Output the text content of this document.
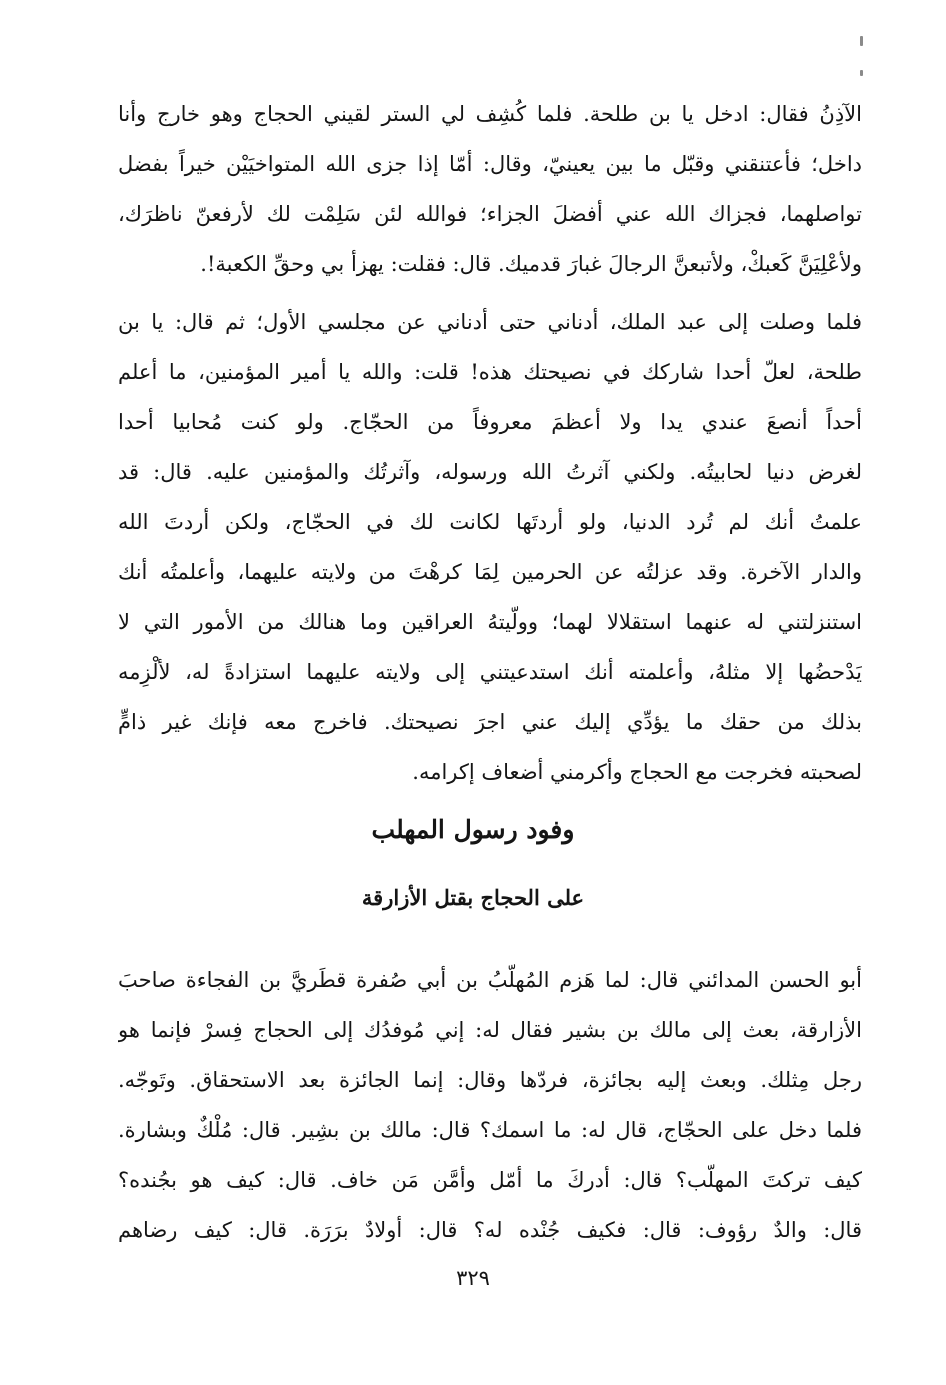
الآذِنُ فقال: ادخل يا بن طلحة. فلما كُشِف لي الستر لقيني الحجاج وهو خارج وأنا
داخل؛ فأعتنقني وقبّل ما بين يعينيّ، وقال: أمّا إذا جزى الله المتواخيَيْن خيراً بفضل
تواصلهما، فجزاك الله عني أفضلَ الجزاء؛ فوالله لئن سَلِمْت لك لأرفعنّ ناظرَك،
ولأعْلِيَنَّ كَعبكْ، ولأتبعنَّ الرجالَ غبارَ قدميك. قال: فقلت: يهزأ بي وحقِّ الكعبة!.
فلما وصلت إلى عبد الملك، أدناني حتى أدناني عن مجلسي الأول؛ ثم قال: يا بن
طلحة، لعلّ أحدا شاركك في نصيحتك هذه! قلت: والله يا أمير المؤمنين، ما أعلم
أحداً أنصعَ عندي يدا ولا أعظمَ معروفاً من الحجّاج. ولو كنت مُحابيا أحدا
لغرض دنيا لحابيتُه. ولكني آثرتُ الله ورسوله، وآثرتُك والمؤمنين عليه. قال: قد
علمتُ أنك لم تُرد الدنيا، ولو أردتَها لكانت لك في الحجّاج، ولكن أردتَ الله
والدار الآخرة. وقد عزلتُه عن الحرمين لِمَا كرهْتَ من ولايته عليهما، وأعلمتُه أنك
استنزلتني له عنهما استقلالا لهما؛ وولّيتهُ العراقين وما هنالك من الأمور التي لا
يَدْحضُها إلا مثلهُ، وأعلمته أنك استدعيتني إلى ولايته عليهما استزادةً له، لألْزِمه
بذلك من حقك ما يؤدِّي إليك عني اجرَ نصيحتك. فاخرج معه فإنك غير ذامٍّ
لصحبته فخرجت مع الحجاج وأكرمني أضعاف إكرامه.
وفود رسول المهلب
على الحجاج بقتل الأزارقة
أبو الحسن المدائني قال: لما هَزم المُهلّبُ بن أبي صُفرة قطَريَّ بن الفجاءة صاحبَ
الأزارقة، بعث إلى مالك بن بشير فقال له: إني مُوفدُك إلى الحجاج فِسرْ فإنما هو
رجل مِثلك. وبعث إليه بجائزة، فردّها وقال: إنما الجائزة بعد الاستحقاق. وتَوجّه.
فلما دخل على الحجّاج، قال له: ما اسمك؟ قال: مالك بن بشِير. قال: مُلْكٌ وبشارة.
كيف تركتَ المهلّب؟ قال: أدركَ ما أمّل وأمَّن مَن خاف. قال: كيف هو بجُنده؟
قال: والدٌ رؤوف: قال: فكيف جُنْده له؟ قال: أولادٌ برَرَة. قال: كيف رضاهم
٣٢٩
